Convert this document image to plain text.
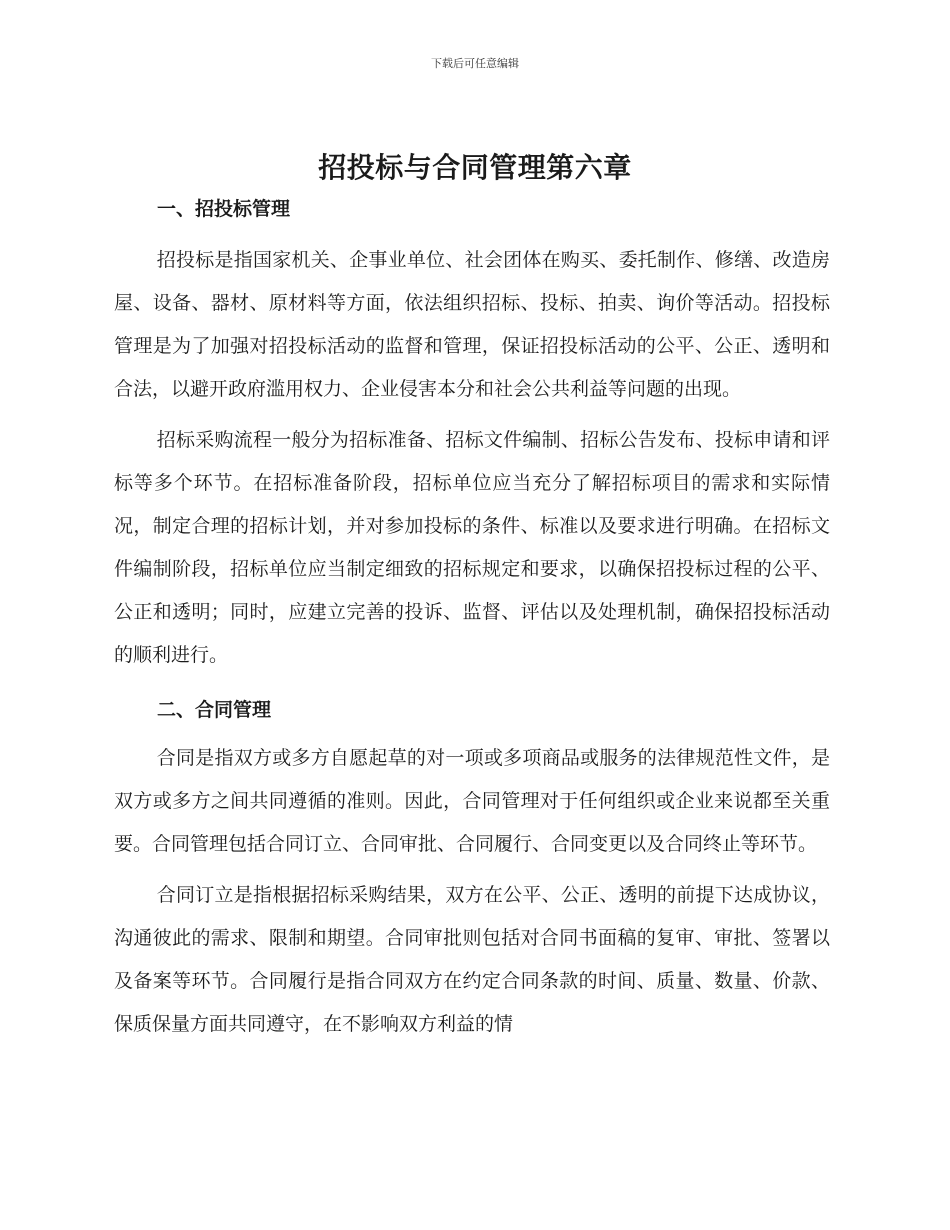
下载后可任意编辑
招投标与合同管理第六章
一、招投标管理

招投标是指国家机关、企事业单位、社会团体在购买、委托制作、修缮、改造房屋、设备、器材、原材料等方面，依法组织招标、投标、拍卖、询价等活动。招投标管理是为了加强对招投标活动的监督和管理，保证招投标活动的公平、公正、透明和合法，以避开政府滥用权力、企业侵害本分和社会公共利益等问题的出现。

招标采购流程一般分为招标准备、招标文件编制、招标公告发布、投标申请和评标等多个环节。在招标准备阶段，招标单位应当充分了解招标项目的需求和实际情况，制定合理的招标计划，并对参加投标的条件、标准以及要求进行明确。在招标文件编制阶段，招标单位应当制定细致的招标规定和要求，以确保招投标过程的公平、公正和透明；同时，应建立完善的投诉、监督、评估以及处理机制，确保招投标活动的顺利进行。

二、合同管理

合同是指双方或多方自愿起草的对一项或多项商品或服务的法律规范性文件，是双方或多方之间共同遵循的准则。因此，合同管理对于任何组织或企业来说都至关重要。合同管理包括合同订立、合同审批、合同履行、合同变更以及合同终止等环节。

合同订立是指根据招标采购结果，双方在公平、公正、透明的前提下达成协议，沟通彼此的需求、限制和期望。合同审批则包括对合同书面稿的复审、审批、签署以及备案等环节。合同履行是指合同双方在约定合同条款的时间、质量、数量、价款、保质保量方面共同遵守，在不影响双方利益的情
